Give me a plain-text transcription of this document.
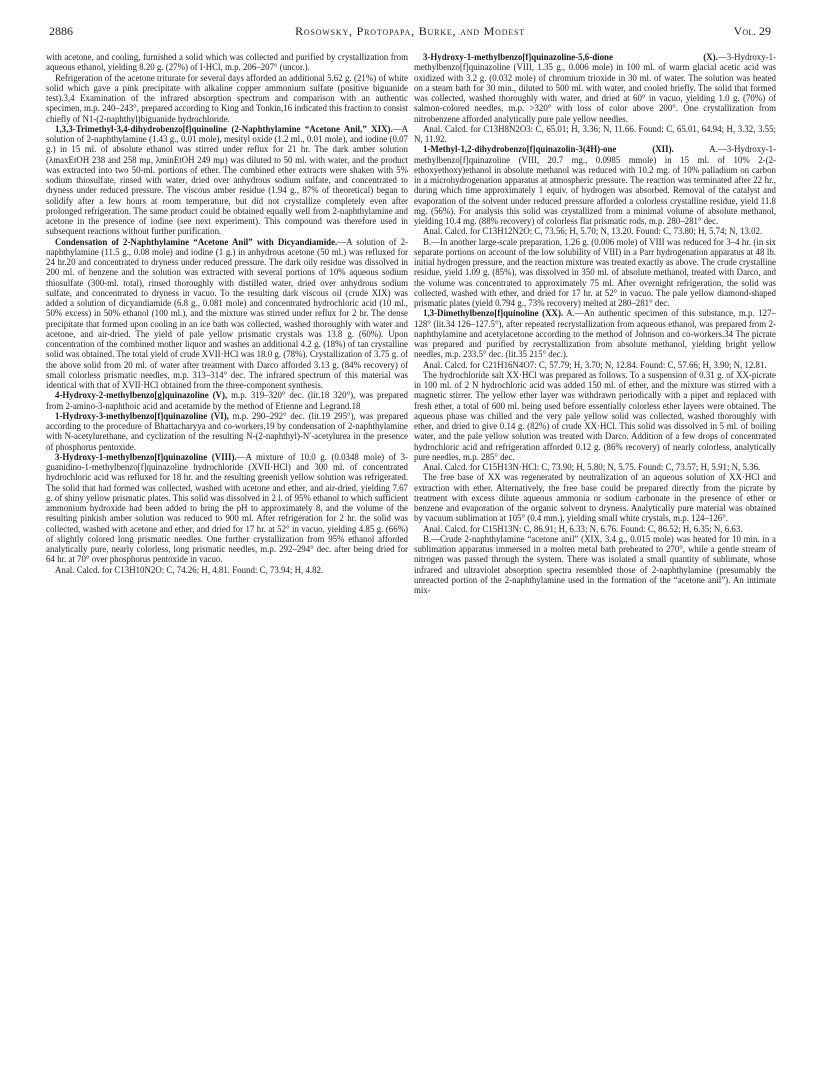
2886	Rosowsky, Protopapa, Burke, and Modest	Vol. 29

with acetone, and cooling, furnished a solid which was collected and purified by crystallization from aqueous ethanol, yielding 8.20 g. (27%) of I·HCl, m.p. 206–207° (uncor.).

Refrigeration of the acetone triturate for several days afforded an additional 5.62 g. (21%) of white solid which gave a pink precipitate with alkaline copper ammonium sulfate (positive biguanide test).3,4 Examination of the infrared absorption spectrum and comparison with an authentic specimen, m.p. 240–243°, prepared according to King and Tonkin,16 indicated this fraction to consist chiefly of N1-(2-naphthyl)biguanide hydrochloride.

1,3,3-Trimethyl-3,4-dihydrobenzo[f]quinoline (2-Naphthylamine “Acetone Anil,” XIX).—A solution of 2-naphthylamine (1.43 g., 0.01 mole), mesityl oxide (1.2 ml., 0.01 mole), and iodine (0.07 g.) in 15 ml. of absolute ethanol was stirred under reflux for 21 hr. The dark amber solution (λmaxEtOH 238 and 258 mμ, λminEtOH 249 mμ) was diluted to 50 ml. with water, and the product was extracted into two 50-ml. portions of ether. The combined ether extracts were shaken with 5% sodium thiosulfate, rinsed with water, dried over anhydrous sodium sulfate, and concentrated to dryness under reduced pressure. The viscous amber residue (1.94 g., 87% of theoretical) began to solidify after a few hours at room temperature, but did not crystallize completely even after prolonged refrigeration. The same product could be obtained equally well from 2-naphthylamine and acetone in the presence of iodine (see next experiment). This compound was therefore used in subsequent reactions without further purification.

Condensation of 2-Naphthylamine “Acetone Anil” with Dicyandiamide.—A solution of 2-naphthylamine (11.5 g., 0.08 mole) and iodine (1 g.) in anhydrous acetone (50 ml.) was refluxed for 24 hr.20 and concentrated to dryness under reduced pressure. The dark oily residue was dissolved in 200 ml. of benzene and the solution was extracted with several portions of 10% aqueous sodium thiosulfate (300-ml. total), rinsed thoroughly with distilled water, dried over anhydrous sodium sulfate, and concentrated to dryness in vacuo. To the resulting dark viscous oil (crude XIX) was added a solution of dicyandiamide (6.8 g., 0.081 mole) and concentrated hydrochloric acid (10 ml., 50% excess) in 50% ethanol (100 ml.), and the mixture was stirred under reflux for 2 hr. The dense precipitate that formed upon cooling in an ice bath was collected, washed thoroughly with water and acetone, and air-dried. The yield of pale yellow prismatic crystals was 13.8 g. (60%). Upon concentration of the combined mother liquor and washes an additional 4.2 g. (18%) of tan crystalline solid was obtained. The total yield of crude XVII·HCl was 18.0 g. (78%). Crystallization of 3.75 g. of the above solid from 20 ml. of water after treatment with Darco afforded 3.13 g. (84% recovery) of small colorless prismatic needles, m.p. 313–314° dec. The infrared spectrum of this material was identical with that of XVII·HCl obtained from the three-component synthesis.

4-Hydroxy-2-methylbenzo[g]quinazoline (V), m.p. 319–320° dec. (lit.18 320°), was prepared from 2-amino-3-naphthoic acid and acetamide by the method of Etienne and Legrand.18

1-Hydroxy-3-methylbenzo[f]quinazoline (VI), m.p. 290–292° dec. (lit.19 295°), was prepared according to the procedure of Bhattacharyya and co-workers,19 by condensation of 2-naphthylamine with N-acetylurethane, and cyclization of the resulting N-(2-naphthyl)-N′-acetylurea in the presence of phosphorus pentoxide.

3-Hydroxy-1-methylbenzo[f]quinazoline (VIII).—A mixture of 10.0 g. (0.0348 mole) of 3-guanidino-1-methylbenzo[f]quinazoline hydrochloride (XVII·HCl) and 300 ml. of concentrated hydrochloric acid was refluxed for 18 hr. and the resulting greenish yellow solution was refrigerated. The solid that had formed was collected, washed with acetone and ether, and air-dried, yielding 7.67 g. of shiny yellow prismatic plates. This solid was dissolved in 2 l. of 95% ethanol to which sufficient ammonium hydroxide had been added to bring the pH to approximately 8, and the volume of the resulting pinkish amber solution was reduced to 900 ml. After refrigeration for 2 hr. the solid was collected, washed with acetone and ether, and dried for 17 hr. at 52° in vacuo, yielding 4.85 g. (66%) of slightly colored long prismatic needles. One further crystallization from 95% ethanol afforded analytically pure, nearly colorless, long prismatic needles, m.p. 292–294° dec. after being dried for 64 hr. at 70° over phosphorus pentoxide in vacuo.

Anal. Calcd. for C13H10N2O: C, 74.26; H, 4.81. Found: C, 73.94; H, 4.82.

3-Hydroxy-1-methylbenzo[f]quinazoline-5,6-dione (X).—3-Hydroxy-1-methylbenzo[f]quinazoline (VIII, 1.35 g., 0.006 mole) in 100 ml. of warm glacial acetic acid was oxidized with 3.2 g. (0.032 mole) of chromium trioxide in 30 ml. of water. The solution was heated on a steam bath for 30 min., diluted to 500 ml. with water, and cooled briefly. The solid that formed was collected, washed thoroughly with water, and dried at 60° in vacuo, yielding 1.0 g. (70%) of salmon-colored needles, m.p. >320° with loss of color above 200°. One crystallization from nitrobenzene afforded analytically pure pale yellow needles.

Anal. Calcd. for C13H8N2O3: C, 65.01; H, 3.36; N, 11.66. Found: C, 65.01, 64.94; H, 3.32, 3.55; N, 11.92.

1-Methyl-1,2-dihydrobenzo[f]quinazolin-3(4H)-one (XII). A.—3-Hydroxy-1-methylbenzo[f]quinazoline (VIII, 20.7 mg., 0.0985 mmole) in 15 ml. of 10% 2-(2-ethoxyethoxy)ethanol in absolute methanol was reduced with 10.2 mg. of 10% palladium on carbon in a microhydrogenation apparatus at atmospheric pressure. The reaction was terminated after 22 hr., during which time approximately 1 equiv. of hydrogen was absorbed. Removal of the catalyst and evaporation of the solvent under reduced pressure afforded a colorless crystalline residue, yield 11.8 mg. (56%). For analysis this solid was crystallized from a minimal volume of absolute methanol, yielding 10.4 mg. (88% recovery) of colorless flat prismatic rods, m.p. 280–281° dec.

Anal. Calcd. for C13H12N2O: C, 73.56; H, 5.70; N, 13.20. Found: C, 73.80; H, 5.74; N, 13.02.

B.—In another large-scale preparation, 1.26 g. (0.006 mole) of VIII was reduced for 3–4 hr. (in six separate portions on account of the low solubility of VIII) in a Parr hydrogenation apparatus at 48 lb. initial hydrogen pressure, and the reaction mixture was treated exactly as above. The crude crystalline residue, yield 1.09 g. (85%), was dissolved in 350 ml. of absolute methanol, treated with Darco, and the volume was concentrated to approximately 75 ml. After overnight refrigeration, the solid was collected, washed with ether, and dried for 17 hr. at 52° in vacuo. The pale yellow diamond-shaped prismatic plates (yield 0.794 g., 73% recovery) melted at 280–281° dec.

1,3-Dimethylbenzo[f]quinoline (XX). A.—An authentic specimen of this substance, m.p. 127–128° (lit.34 126–127.5°), after repeated recrystallization from aqueous ethanol, was prepared from 2-naphthylamine and acetylacetone according to the method of Johnson and co-workers.34 The picrate was prepared and purified by recrystallization from absolute methanol, yielding bright yellow needles, m.p. 233.5° dec. (lit.35 215° dec.).

Anal. Calcd. for C21H16N4O7: C, 57.79; H, 3.70; N, 12.84. Found: C, 57.66; H, 3.90; N, 12.81.

The hydrochloride salt XX·HCl was prepared as follows. To a suspension of 0.31 g. of XX-picrate in 100 ml. of 2 N hydrochloric acid was added 150 ml. of ether, and the mixture was stirred with a magnetic stirrer. The yellow ether layer was withdrawn periodically with a pipet and replaced with fresh ether, a total of 600 ml. being used before essentially colorless ether layers were obtained. The aqueous phase was chilled and the very pale yellow solid was collected, washed thoroughly with ether, and dried to give 0.14 g. (82%) of crude XX·HCl. This solid was dissolved in 5 ml. of boiling water, and the pale yellow solution was treated with Darco. Addition of a few drops of concentrated hydrochloric acid and refrigeration afforded 0.12 g. (86% recovery) of nearly colorless, analytically pure needles, m.p. 285° dec.

Anal. Calcd. for C15H13N·HCl: C, 73.90; H, 5.80; N, 5.75. Found: C, 73.57; H, 5.91; N, 5.36.

The free base of XX was regenerated by neutralization of an aqueous solution of XX·HCl and extraction with ether. Alternatively, the free base could be prepared directly from the picrate by treatment with excess dilute aqueous ammonia or sodium carbonate in the presence of ether or benzene and evaporation of the organic solvent to dryness. Analytically pure material was obtained by vacuum sublimation at 105° (0.4 mm.), yielding small white crystals, m.p. 124–126°.

Anal. Calcd. for C15H13N: C, 86.91; H, 6.33; N, 6.76. Found: C, 86.52; H, 6.35; N, 6.63.

B.—Crude 2-naphthylamine “acetone anil” (XIX, 3.4 g., 0.015 mole) was heated for 10 min. in a sublimation apparatus immersed in a molten metal bath preheated to 270°, while a gentle stream of nitrogen was passed through the system. There was isolated a small quantity of sublimate, whose infrared and ultraviolet absorption spectra resembled those of 2-naphthylamine (presumably the unreacted portion of the 2-naphthylamine used in the formation of the “acetone anil”). An intimate mix-
